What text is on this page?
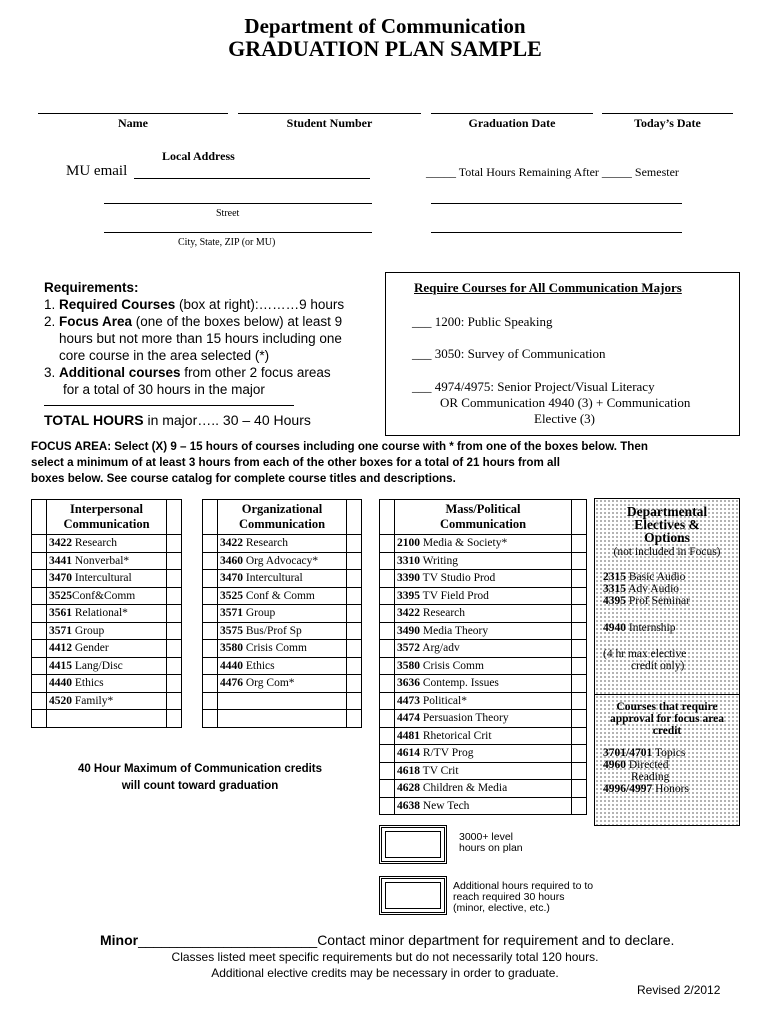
Department of Communication
GRADUATION PLAN SAMPLE
Name	Student Number	Graduation Date	Today’s Date
Local Address
MU email	_____ Total Hours Remaining After _____ Semester
Street
City, State, ZIP (or MU)
Requirements:
1. Required Courses (box at right):………9 hours
2. Focus Area (one of the boxes below) at least 9
hours but not more than 15 hours including one
core course in the area selected (*)
3. Additional courses from other 2 focus areas
for a total of 30 hours in the major
TOTAL HOURS in major….. 30 – 40 Hours
Require Courses for All Communication Majors
___ 1200: Public Speaking
___ 3050: Survey of Communication
___ 4974/4975: Senior Project/Visual Literacy
OR Communication 4940 (3) + Communication
Elective (3)
FOCUS AREA: Select (X) 9 – 15 hours of courses including one course with * from one of the boxes below. Then
select a minimum of at least 3 hours from each of the other boxes for a total of 21 hours from all
boxes below. See course catalog for complete course titles and descriptions.

	Interpersonal
Communication	

	3422 Research	
	3441 Nonverbal*	
	3470 Intercultural	
	3525Conf&Comm	
	3561 Relational*	
	3571 Group	
	4412 Gender	
	4415 Lang/Disc	
	4440 Ethics	
	4520 Family*	

	Organizational
Communication	

	3422 Research	
	3460 Org Advocacy*	
	3470 Intercultural	
	3525 Conf & Comm	
	3571 Group	
	3575 Bus/Prof Sp	
	3580 Crisis Comm	
	4440 Ethics	
	4476 Org Com*	

	Mass/Political
Communication	

	2100 Media & Society*	
	3310 Writing	
	3390 TV Studio Prod	
	3395 TV Field Prod	
	3422 Research	
	3490 Media Theory	
	3572 Arg/adv	
	3580 Crisis Comm	
	3636 Contemp. Issues	
	4473 Political*	
	4474 Persuasion Theory	
	4481 Rhetorical Crit	
	4614 R/TV Prog	
	4618 TV Crit	
	4628 Children & Media	
	4638 New Tech	
Departmental
Electives &
Options
(not included in Focus)
2315 Basic Audio
3315 Adv Audio
4395 Prof Seminar
4940 Internship
(4 hr max elective
credit only)
Courses that require
approval for focus area
credit
3701/4701 Topics
4960 Directed
Reading
4996/4997 Honors
40 Hour Maximum of Communication credits
will count toward graduation
3000+ level
hours on plan
Additional hours required to to
reach required 30 hours
(minor, elective, etc.)
Minor_______________________Contact minor department for requirement and to declare.
Classes listed meet specific requirements but do not necessarily total 120 hours.
Additional elective credits may be necessary in order to graduate.
Revised 2/2012
